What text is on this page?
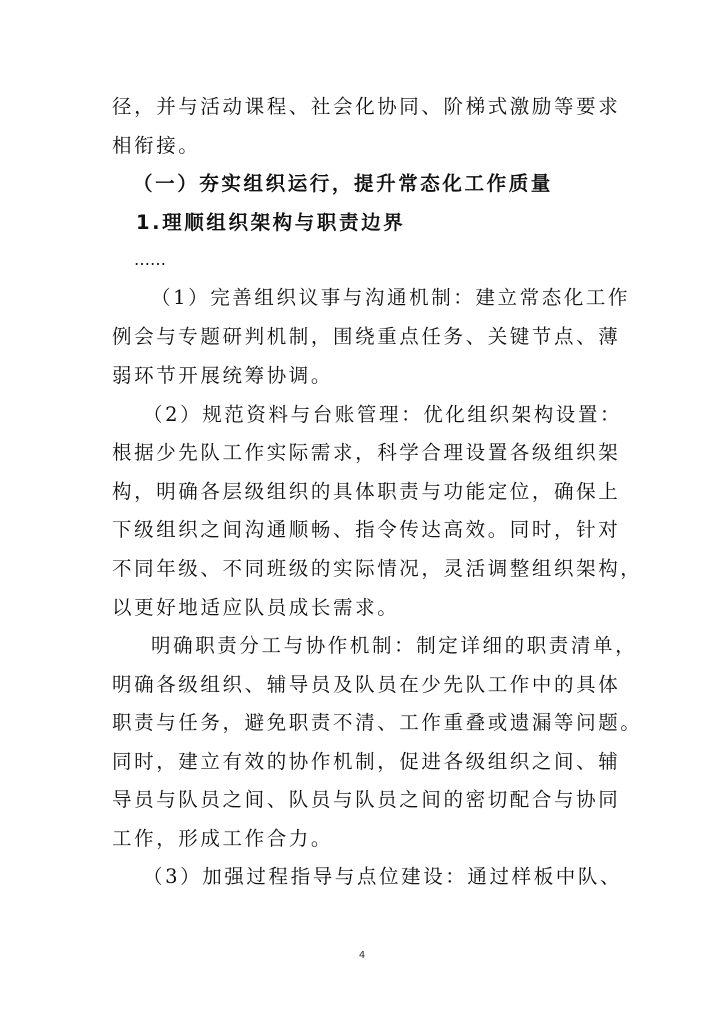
径，并与活动课程、社会化协同、阶梯式激励等要求
相衔接。
（一）夯实组织运行，提升常态化工作质量
1.理顺组织架构与职责边界
……
（1）完善组织议事与沟通机制：建立常态化工作
例会与专题研判机制，围绕重点任务、关键节点、薄
弱环节开展统筹协调。
（2）规范资料与台账管理：优化组织架构设置：
根据少先队工作实际需求，科学合理设置各级组织架
构，明确各层级组织的具体职责与功能定位，确保上
下级组织之间沟通顺畅、指令传达高效。同时，针对
不同年级、不同班级的实际情况，灵活调整组织架构，
以更好地适应队员成长需求。
明确职责分工与协作机制：制定详细的职责清单，
明确各级组织、辅导员及队员在少先队工作中的具体
职责与任务，避免职责不清、工作重叠或遗漏等问题。
同时，建立有效的协作机制，促进各级组织之间、辅
导员与队员之间、队员与队员之间的密切配合与协同
工作，形成工作合力。
（3）加强过程指导与点位建设：通过样板中队、
4
